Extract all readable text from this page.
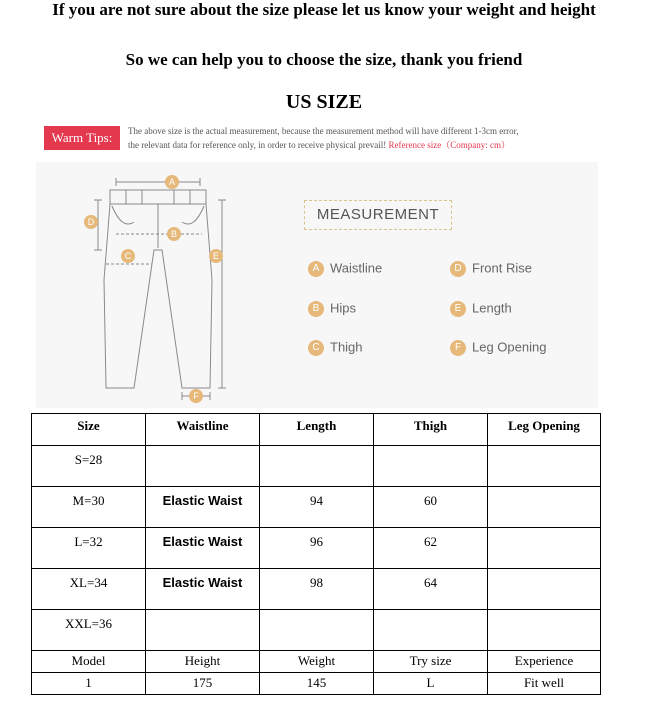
If you are not sure about the size please let us know your weight and height
So we can help you to choose the size, thank you friend
US SIZE
Warm Tips:	The above size is the actual measurement, because the measurement method will have different 1-3cm error,
the relevant data for reference only, in order to receive physical prevail! Reference size（Company: cm）
A
B
C
D
E
F
MEASUREMENT
A Waistline
B Hips
C Thigh
D Front Rise
E Length
F Leg Opening
Size	Waistline	Length	Thigh	Leg Opening
S=28				
M=30	Elastic Waist	94	60	
L=32	Elastic Waist	96	62	
XL=34	Elastic Waist	98	64	
XXL=36				
Model	Height	Weight	Try size	Experience
1	175	145	L	Fit well
